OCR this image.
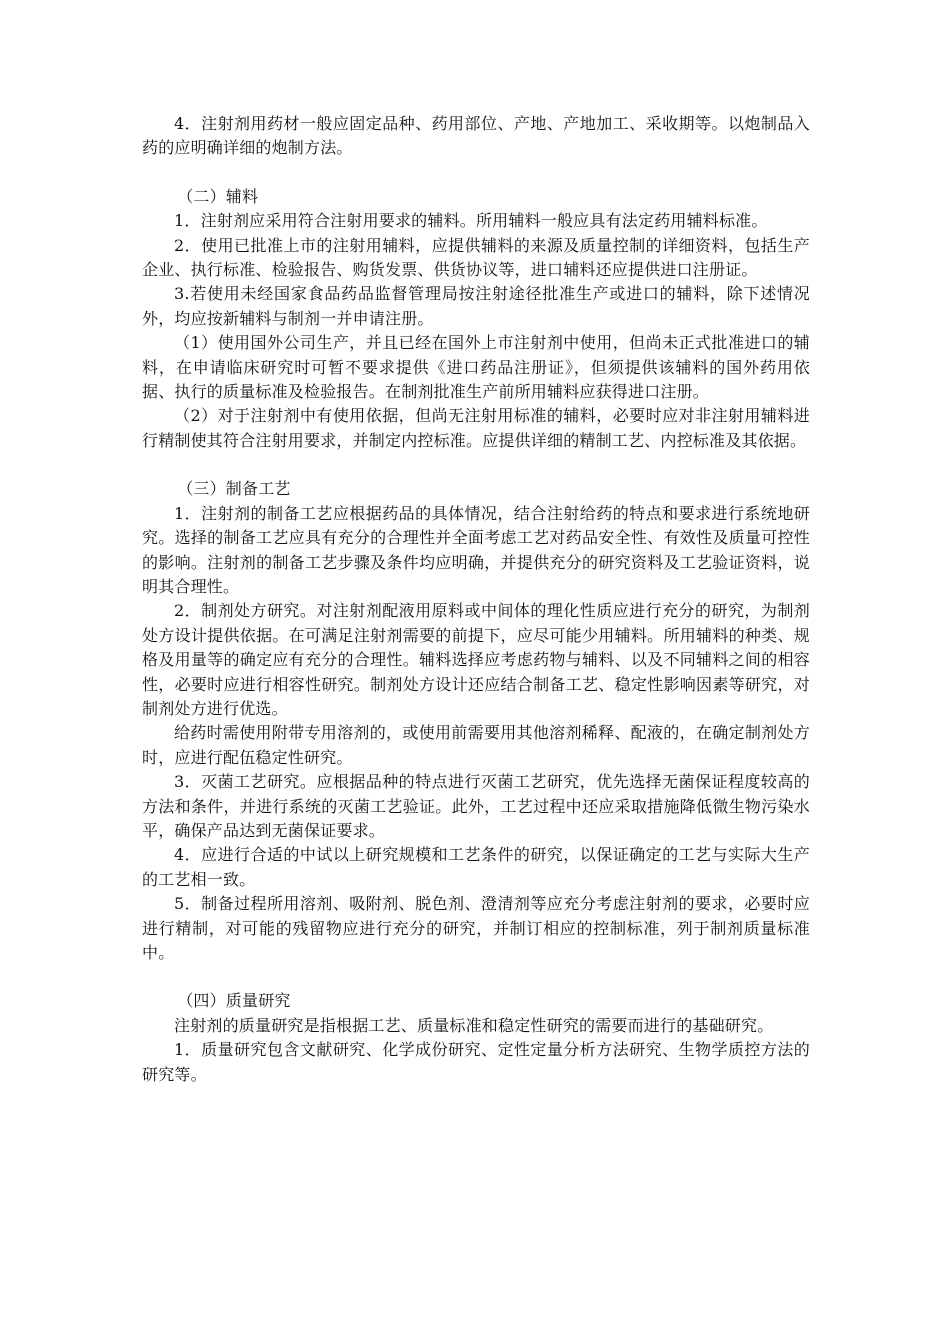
4．注射剂用药材一般应固定品种、药用部位、产地、产地加工、采收期等。以炮制品入药的应明确详细的炮制方法。

（二）辅料

1．注射剂应采用符合注射用要求的辅料。所用辅料一般应具有法定药用辅料标准。

2．使用已批准上市的注射用辅料，应提供辅料的来源及质量控制的详细资料，包括生产企业、执行标准、检验报告、购货发票、供货协议等，进口辅料还应提供进口注册证。

3.若使用未经国家食品药品监督管理局按注射途径批准生产或进口的辅料，除下述情况外，均应按新辅料与制剂一并申请注册。

（1）使用国外公司生产，并且已经在国外上市注射剂中使用，但尚未正式批准进口的辅料，在申请临床研究时可暂不要求提供《进口药品注册证》，但须提供该辅料的国外药用依据、执行的质量标准及检验报告。在制剂批准生产前所用辅料应获得进口注册。

（2）对于注射剂中有使用依据，但尚无注射用标准的辅料，必要时应对非注射用辅料进行精制使其符合注射用要求，并制定内控标准。应提供详细的精制工艺、内控标准及其依据。

（三）制备工艺

1．注射剂的制备工艺应根据药品的具体情况，结合注射给药的特点和要求进行系统地研究。选择的制备工艺应具有充分的合理性并全面考虑工艺对药品安全性、有效性及质量可控性的影响。注射剂的制备工艺步骤及条件均应明确，并提供充分的研究资料及工艺验证资料，说明其合理性。

2．制剂处方研究。对注射剂配液用原料或中间体的理化性质应进行充分的研究，为制剂处方设计提供依据。在可满足注射剂需要的前提下，应尽可能少用辅料。所用辅料的种类、规格及用量等的确定应有充分的合理性。辅料选择应考虑药物与辅料、以及不同辅料之间的相容性，必要时应进行相容性研究。制剂处方设计还应结合制备工艺、稳定性影响因素等研究，对制剂处方进行优选。

给药时需使用附带专用溶剂的，或使用前需要用其他溶剂稀释、配液的，在确定制剂处方时，应进行配伍稳定性研究。

3．灭菌工艺研究。应根据品种的特点进行灭菌工艺研究，优先选择无菌保证程度较高的方法和条件，并进行系统的灭菌工艺验证。此外，工艺过程中还应采取措施降低微生物污染水平，确保产品达到无菌保证要求。

4．应进行合适的中试以上研究规模和工艺条件的研究，以保证确定的工艺与实际大生产的工艺相一致。

5．制备过程所用溶剂、吸附剂、脱色剂、澄清剂等应充分考虑注射剂的要求，必要时应进行精制，对可能的残留物应进行充分的研究，并制订相应的控制标准，列于制剂质量标准中。

（四）质量研究

注射剂的质量研究是指根据工艺、质量标准和稳定性研究的需要而进行的基础研究。

1．质量研究包含文献研究、化学成份研究、定性定量分析方法研究、生物学质控方法的研究等。
